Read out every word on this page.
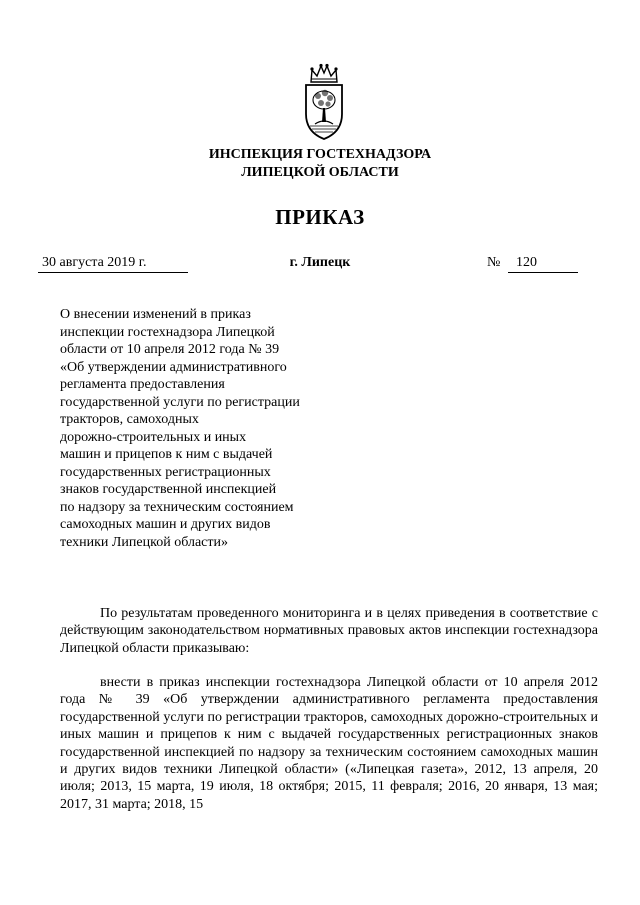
ИНСПЕКЦИЯ ГОСТЕХНАДЗОРА
ЛИПЕЦКОЙ ОБЛАСТИ
ПРИКАЗ
30 августа 2019 г.	г. Липецк	№ 120
О внесении изменений в приказ
инспекции гостехнадзора Липецкой
области от 10 апреля 2012 года № 39
«Об утверждении административного
регламента предоставления
государственной услуги по регистрации
тракторов, самоходных
дорожно-строительных и иных
машин и прицепов к ним с выдачей
государственных регистрационных
знаков государственной инспекцией
по надзору за техническим состоянием
самоходных машин и других видов
техники Липецкой области»
По результатам проведенного мониторинга и в целях приведения в соответствие с действующим законодательством нормативных правовых актов инспекции гостехнадзора Липецкой области приказываю:
внести в приказ инспекции гостехнадзора Липецкой области от 10 апреля 2012 года № 39 «Об утверждении административного регламента предоставления государственной услуги по регистрации тракторов, самоходных дорожно-строительных и иных машин и прицепов к ним с выдачей государственных регистрационных знаков государственной инспекцией по надзору за техническим состоянием самоходных машин и других видов техники Липецкой области» («Липецкая газета», 2012, 13 апреля, 20 июля; 2013, 15 марта, 19 июля, 18 октября; 2015, 11 февраля; 2016, 20 января, 13 мая; 2017, 31 марта; 2018, 15
